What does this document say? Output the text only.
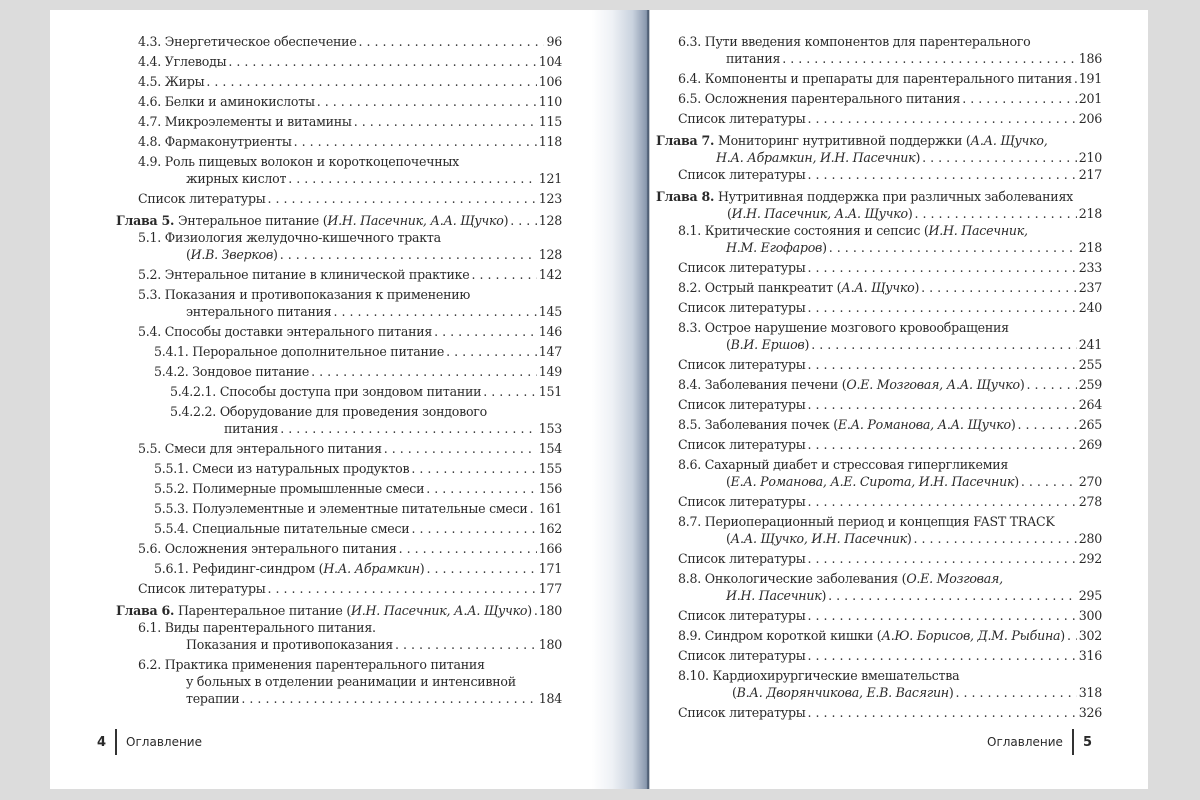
4.3. Энергетическое обеспечение . . .	96
4.4. Углеводы . . .	104
4.5. Жиры . . .	106
4.6. Белки и аминокислоты . . .	110
4.7. Микроэлементы и витамины . . .	115
4.8. Фармаконутриенты . . .	118
4.9. Роль пищевых волокон и короткоцепочечных
жирных кислот . . .	121
Список литературы . . .	123
Глава 5. Энтеральное питание (И.Н. Пасечник, А.А. Щучко) . . . 128
5.1. Физиология желудочно-кишечного тракта
(И.В. Зверков) . . .	128
5.2. Энтеральное питание в клинической практике . . .	142
5.3. Показания и противопоказания к применению
энтерального питания . . .	145
5.4. Способы доставки энтерального питания . . .	146
5.4.1. Пероральное дополнительное питание . . .	147
5.4.2. Зондовое питание . . .	149
5.4.2.1. Способы доступа при зондовом питании . . .	151
5.4.2.2. Оборудование для проведения зондового
питания . . .	153
5.5. Смеси для энтерального питания . . .	154
5.5.1. Смеси из натуральных продуктов . . .	155
5.5.2. Полимерные промышленные смеси . . .	156
5.5.3. Полуэлементные и элементные питательные смеси . . . 161
5.5.4. Специальные питательные смеси . . .	162
5.6. Осложнения энтерального питания . . .	166
5.6.1. Рефидинг-синдром (Н.А. Абрамкин) . . .	171
Список литературы . . .	177
Глава 6. Парентеральное питание (И.Н. Пасечник, А.А. Щучко) . . . 180
6.1. Виды парентерального питания.
Показания и противопоказания . . .	180
6.2. Практика применения парентерального питания
у больных в отделении реанимации и интенсивной
терапии . . .	184
4 Оглавление
6.3. Пути введения компонентов для парентерального
питания . . .	186
6.4. Компоненты и препараты для парентерального питания . . . 191
6.5. Осложнения парентерального питания . . .	201
Список литературы . . .	206
Глава 7. Мониторинг нутритивной поддержки (А.А. Щучко,
Н.А. Абрамкин, И.Н. Пасечник) . . .	210
Список литературы . . .	217
Глава 8. Нутритивная поддержка при различных заболеваниях
(И.Н. Пасечник, А.А. Щучко) . . .	218
8.1. Критические состояния и сепсис (И.Н. Пасечник,
Н.М. Егофаров) . . .	218
Список литературы . . .	233
8.2. Острый панкреатит (А.А. Щучко) . . .	237
Список литературы . . .	240
8.3. Острое нарушение мозгового кровообращения
(В.И. Ершов) . . .	241
Список литературы . . .	255
8.4. Заболевания печени (О.Е. Мозговая, А.А. Щучко) . . .	259
Список литературы . . .	264
8.5. Заболевания почек (Е.А. Романова, А.А. Щучко) . . .	265
Список литературы . . .	269
8.6. Сахарный диабет и стрессовая гипергликемия
(Е.А. Романова, А.Е. Сирота, И.Н. Пасечник) . . .	270
Список литературы . . .	278
8.7. Периоперационный период и концепция FAST TRACK
(А.А. Щучко, И.Н. Пасечник) . . .	280
Список литературы . . .	292
8.8. Онкологические заболевания (О.Е. Мозговая,
И.Н. Пасечник) . . .	295
Список литературы . . .	300
8.9. Синдром короткой кишки (А.Ю. Борисов, Д.М. Рыбина) . . . 302
Список литературы . . .	316
8.10. Кардиохирургические вмешательства
(В.А. Дворянчикова, Е.В. Васягин) . . .	318
Список литературы . . .	326
Оглавление 5
